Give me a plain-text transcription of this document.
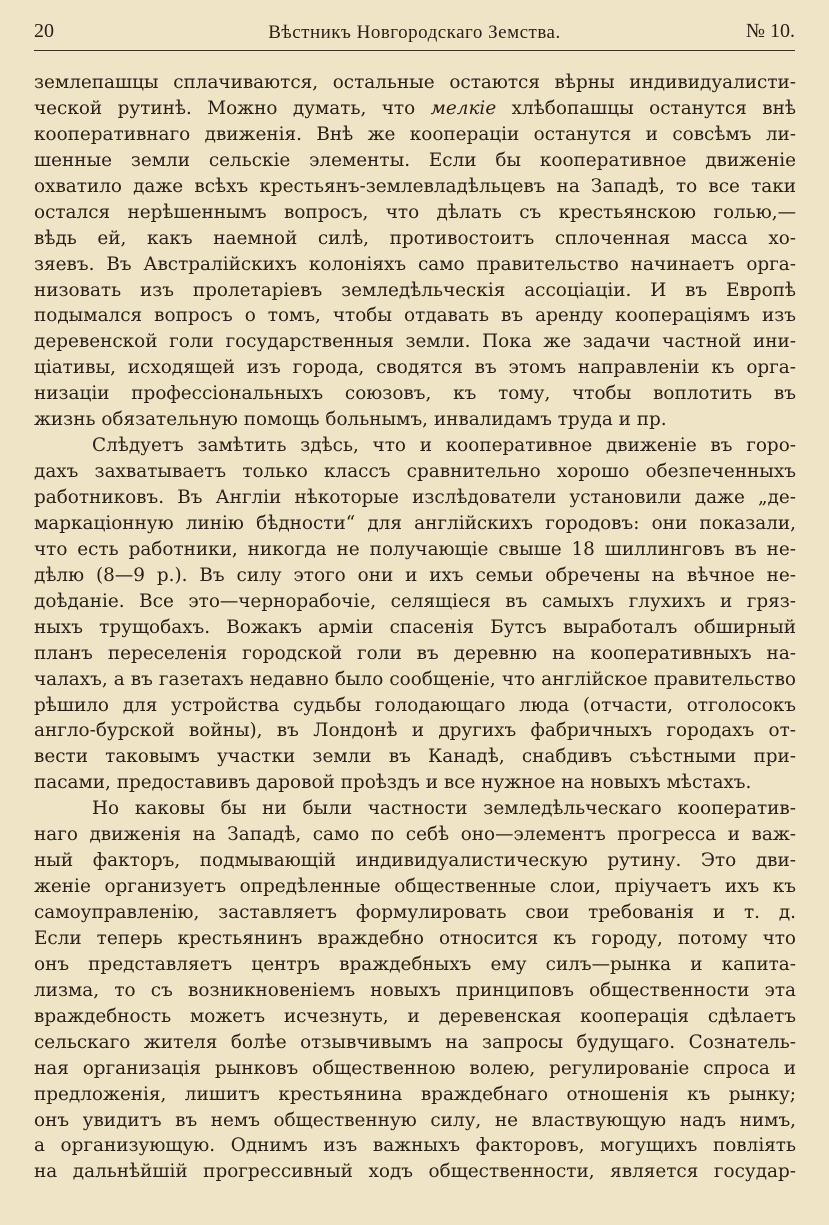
20	Вѣстникъ Новгородскаго Земства.	№ 10.
землепашцы сплачиваются, остальные остаются вѣрны индивидуалисти-
ческой рутинѣ. Можно думать, что мелкіе хлѣбопашцы останутся внѣ
кооперативнаго движенія. Внѣ же коопераціи останутся и совсѣмъ ли-
шенные земли сельскіе элементы. Если бы кооперативное движеніе
охватило даже всѣхъ крестьянъ-землевладѣльцевъ на Западѣ, то все таки
остался нерѣшеннымъ вопросъ, что дѣлать съ крестьянскою голью,—
вѣдь ей, какъ наемной силѣ, противостоитъ сплоченная масса хо-
зяевъ. Въ Австралійскихъ колоніяхъ само правительство начинаетъ орга-
низовать изъ пролетаріевъ земледѣльческія ассоціаціи. И въ Европѣ
подымался вопросъ о томъ, чтобы отдавать въ аренду коопераціямъ изъ
деревенской голи государственныя земли. Пока же задачи частной ини-
ціативы, исходящей изъ города, сводятся въ этомъ направленіи къ орга-
низаціи профессіональныхъ союзовъ, къ тому, чтобы воплотить въ
жизнь обязательную помощь больнымъ, инвалидамъ труда и пр.
Слѣдуетъ замѣтить здѣсь, что и кооперативное движеніе въ горо-
дахъ захватываетъ только классъ сравнительно хорошо обезпеченныхъ
работниковъ. Въ Англіи нѣкоторые изслѣдователи установили даже „де-
маркаціонную линію бѣдности“ для англійскихъ городовъ: они показали,
что есть работники, никогда не получающіе свыше 18 шиллинговъ въ не-
дѣлю (8—9 р.). Въ силу этого они и ихъ семьи обречены на вѣчное не-
доѣданіе. Все это—чернорабочіе, селящіеся въ самыхъ глухихъ и гряз-
ныхъ трущобахъ. Вожакъ арміи спасенія Бутсъ выработалъ обширный
планъ переселенія городской голи въ деревню на кооперативныхъ на-
чалахъ, а въ газетахъ недавно было сообщеніе, что англійское правительство
рѣшило для устройства судьбы голодающаго люда (отчасти, отголосокъ
англо-бурской войны), въ Лондонѣ и другихъ фабричныхъ городахъ от-
вести таковымъ участки земли въ Канадѣ, снабдивъ съѣстными при-
пасами, предоставивъ даровой проѣздъ и все нужное на новыхъ мѣстахъ.
Но каковы бы ни были частности земледѣльческаго кооператив-
наго движенія на Западѣ, само по себѣ оно—элементъ прогресса и важ-
ный факторъ, подмывающій индивидуалистическую рутину. Это дви-
женіе организуетъ опредѣленные общественные слои, пріучаетъ ихъ къ
самоуправленію, заставляетъ формулировать свои требованія и т. д.
Если теперь крестьянинъ враждебно относится къ городу, потому что
онъ представляетъ центръ враждебныхъ ему силъ—рынка и капита-
лизма, то съ возникновеніемъ новыхъ принциповъ общественности эта
враждебность можетъ исчезнуть, и деревенская кооперація сдѣлаетъ
сельскаго жителя болѣе отзывчивымъ на запросы будущаго. Сознатель-
ная организація рынковъ общественною волею, регулированіе спроса и
предложенія, лишитъ крестьянина враждебнаго отношенія къ рынку;
онъ увидитъ въ немъ общественную силу, не властвующую надъ нимъ,
а организующую. Однимъ изъ важныхъ факторовъ, могущихъ повліять
на дальнѣйшій прогрессивный ходъ общественности, является государ-
